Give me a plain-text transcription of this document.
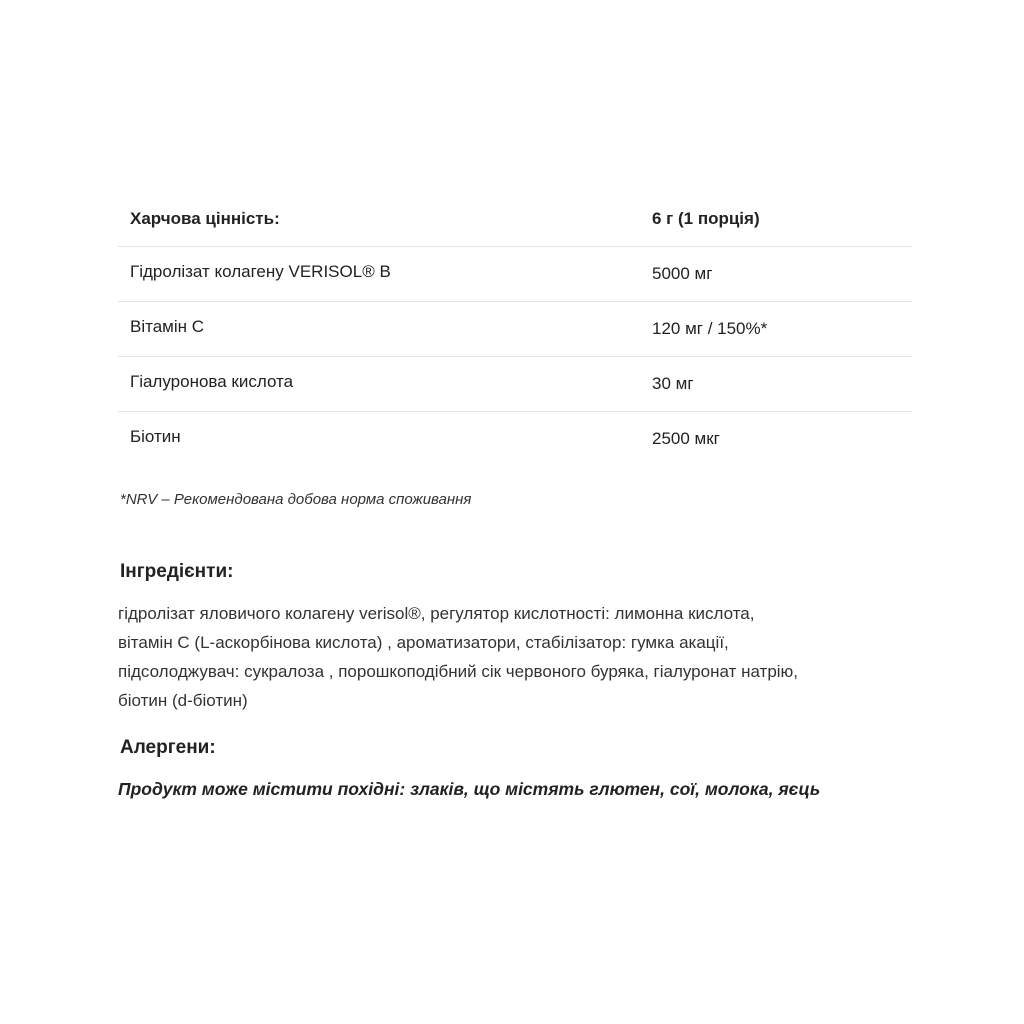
Харчова цінність:	6 г (1 порція)
Гідролізат колагену VERISOL® B	5000 мг
Вітамін С	120 мг / 150%*
Гіалуронова кислота	30 мг
Біотин	2500 мкг
*NRV – Рекомендована добова норма споживання
Інгредієнти:
гідролізат яловичого колагену verisol®, регулятор кислотності: лимонна кислота,
вітамін С (L-аскорбінова кислота) , ароматизатори, стабілізатор: гумка акації,
підсолоджувач: сукралоза , порошкоподібний сік червоного буряка, гіалуронат натрію,
біотин (d-біотин)
Алергени:
Продукт може містити похідні: злаків, що містять глютен, сої, молока, яєць
